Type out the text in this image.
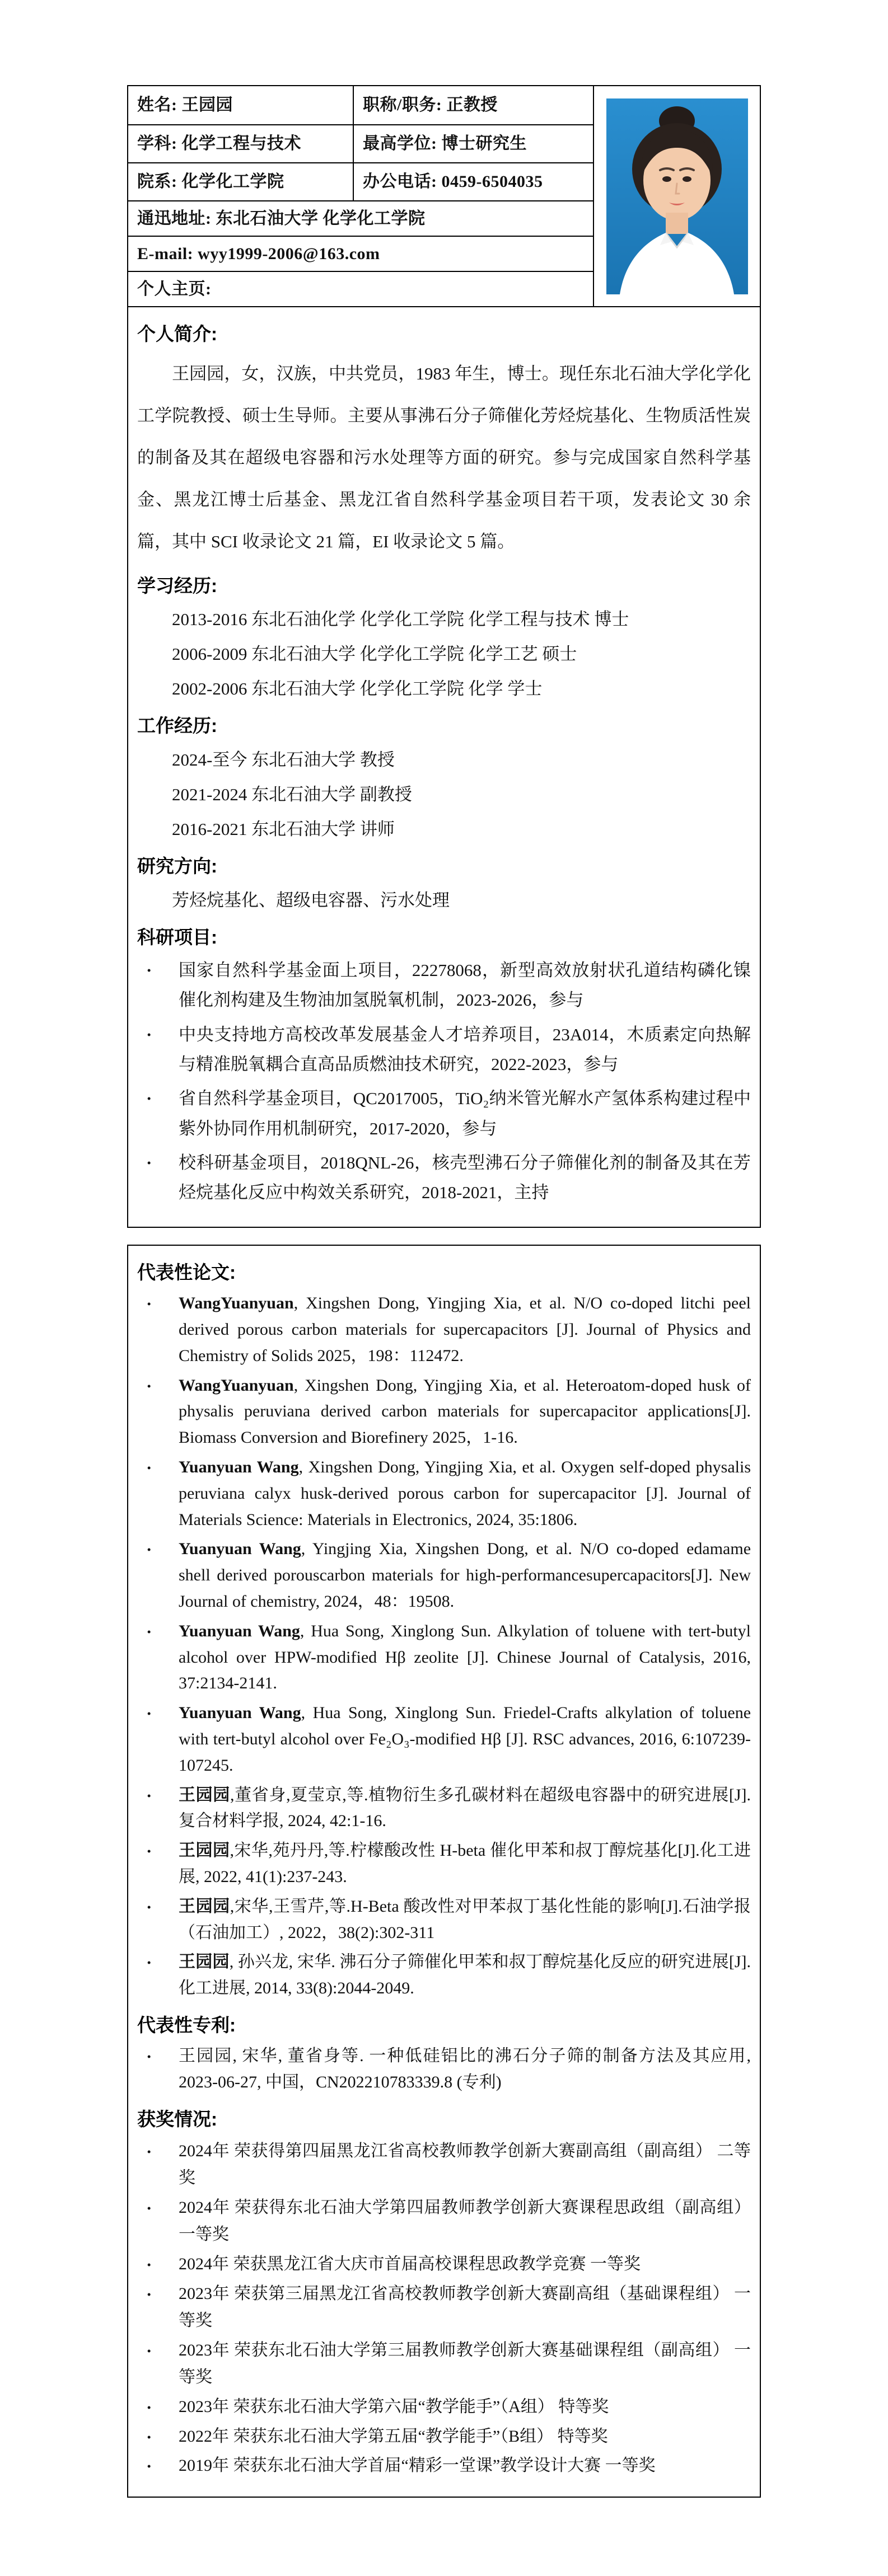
姓名: 王园园	职称/职务: 正教授
学科: 化学工程与技术	最高学位: 博士研究生
院系: 化学化工学院	办公电话: 0459-6504035
通迅地址: 东北石油大学 化学化工学院
E-mail: wyy1999-2006@163.com
个人主页:
个人简介:
王园园，女，汉族，中共党员，1983 年生，博士。现任东北石油大学化学化工学院教授、硕士生导师。主要从事沸石分子筛催化芳烃烷基化、生物质活性炭的制备及其在超级电容器和污水处理等方面的研究。参与完成国家自然科学基金、黑龙江博士后基金、黑龙江省自然科学基金项目若干项，发表论文 30 余篇，其中 SCI 收录论文 21 篇，EI 收录论文 5 篇。
学习经历:
2013-2016 东北石油化学 化学化工学院 化学工程与技术 博士
2006-2009 东北石油大学 化学化工学院 化学工艺 硕士
2002-2006 东北石油大学 化学化工学院 化学 学士
工作经历:
2024-至今 东北石油大学 教授
2021-2024 东北石油大学 副教授
2016-2021 东北石油大学 讲师
研究方向:
芳烃烷基化、超级电容器、污水处理
科研项目:
· 国家自然科学基金面上项目，22278068，新型高效放射状孔道结构磷化镍催化剂构建及生物油加氢脱氧机制，2023-2026，参与
· 中央支持地方高校改革发展基金人才培养项目，23A014，木质素定向热解与精准脱氧耦合直高品质燃油技术研究，2022-2023，参与
· 省自然科学基金项目，QC2017005，TiO₂纳米管光解水产氢体系构建过程中紫外协同作用机制研究，2017-2020，参与
· 校科研基金项目，2018QNL-26，核壳型沸石分子筛催化剂的制备及其在芳烃烷基化反应中构效关系研究，2018-2021，主持
代表性论文:
· WangYuanyuan, Xingshen Dong, Yingjing Xia, et al. N/O co-doped litchi peel derived porous carbon materials for supercapacitors [J]. Journal of Physics and Chemistry of Solids 2025，198：112472.
· WangYuanyuan, Xingshen Dong, Yingjing Xia, et al. Heteroatom-doped husk of physalis peruviana derived carbon materials for supercapacitor applications[J]. Biomass Conversion and Biorefinery 2025，1-16.
· Yuanyuan Wang, Xingshen Dong, Yingjing Xia, et al. Oxygen self-doped physalis peruviana calyx husk-derived porous carbon for supercapacitor [J]. Journal of Materials Science: Materials in Electronics, 2024, 35:1806.
· Yuanyuan Wang, Yingjing Xia, Xingshen Dong, et al. N/O co-doped edamame shell derived porouscarbon materials for high-performancesupercapacitors[J]. New Journal of chemistry, 2024，48：19508.
· Yuanyuan Wang, Hua Song, Xinglong Sun. Alkylation of toluene with tert-butyl alcohol over HPW-modified Hβ zeolite [J]. Chinese Journal of Catalysis, 2016, 37:2134-2141.
· Yuanyuan Wang, Hua Song, Xinglong Sun. Friedel-Crafts alkylation of toluene with tert-butyl alcohol over Fe₂O₃-modified Hβ [J]. RSC advances, 2016, 6:107239-107245.
· 王园园,董省身,夏莹京,等.植物衍生多孔碳材料在超级电容器中的研究进展[J].复合材料学报, 2024, 42:1-16.
· 王园园,宋华,苑丹丹,等.柠檬酸改性 H-beta 催化甲苯和叔丁醇烷基化[J].化工进展, 2022, 41(1):237-243.
· 王园园,宋华,王雪芹,等.H-Beta 酸改性对甲苯叔丁基化性能的影响[J].石油学报（石油加工）, 2022，38(2):302-311
· 王园园, 孙兴龙, 宋华. 沸石分子筛催化甲苯和叔丁醇烷基化反应的研究进展[J]. 化工进展, 2014, 33(8):2044-2049.
代表性专利:
· 王园园, 宋华, 董省身等. 一种低硅铝比的沸石分子筛的制备方法及其应用, 2023-06-27, 中国，CN202210783339.8 (专利)
获奖情况:
· 2024年 荣获得第四届黑龙江省高校教师教学创新大赛副高组（副高组） 二等奖
· 2024年 荣获得东北石油大学第四届教师教学创新大赛课程思政组（副高组） 一等奖
· 2024年 荣获黑龙江省大庆市首届高校课程思政教学竞赛 一等奖
· 2023年 荣获第三届黑龙江省高校教师教学创新大赛副高组（基础课程组） 一等奖
· 2023年 荣获东北石油大学第三届教师教学创新大赛基础课程组（副高组） 一等奖
· 2023年 荣获东北石油大学第六届“教学能手”（A组） 特等奖
· 2022年 荣获东北石油大学第五届“教学能手”（B组） 特等奖
· 2019年 荣获东北石油大学首届“精彩一堂课”教学设计大赛 一等奖
